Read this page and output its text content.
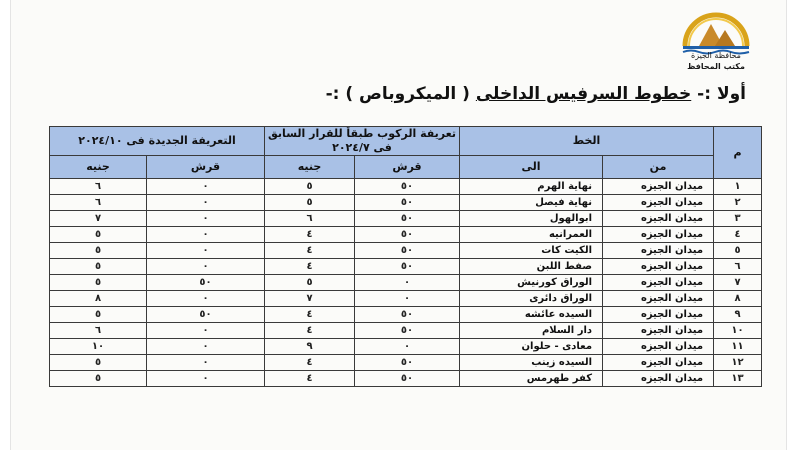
محافظة الجيزة
مكتب المحافظ
أولا :- خطوط السرفيس الداخلى ( الميكروباص ) :-
م	الخط		تعريفة الركوب طبقاً للقرار السابق فى ٢٠٢٤/٧		التعريفة الجديدة فى ٢٠٢٤/١٠	
	من	الى	قرش	جنيه	قرش	جنيه
١	ميدان الجيزه	نهاية الهرم	٥٠	٥	٠	٦
٢	ميدان الجيزه	نهاية فيصل	٥٠	٥	٠	٦
٣	ميدان الجيزه	ابوالهول	٥٠	٦	٠	٧
٤	ميدان الجيزه	العمرانيه	٥٠	٤	٠	٥
٥	ميدان الجيزه	الكيت كات	٥٠	٤	٠	٥
٦	ميدان الجيزه	صفط اللبن	٥٠	٤	٠	٥
٧	ميدان الجيزه	الوراق كورنيش	٠	٥	٥٠	٥
٨	ميدان الجيزه	الوراق دائرى	٠	٧	٠	٨
٩	ميدان الجيزه	السيده عائشه	٥٠	٤	٥٠	٥
١٠	ميدان الجيزه	دار السلام	٥٠	٤	٠	٦
١١	ميدان الجيزه	معادى - حلوان	٠	٩	٠	١٠
١٢	ميدان الجيزه	السيده زينب	٥٠	٤	٠	٥
١٣	ميدان الجيزه	كفر طهرمس	٥٠	٤	٠	٥
